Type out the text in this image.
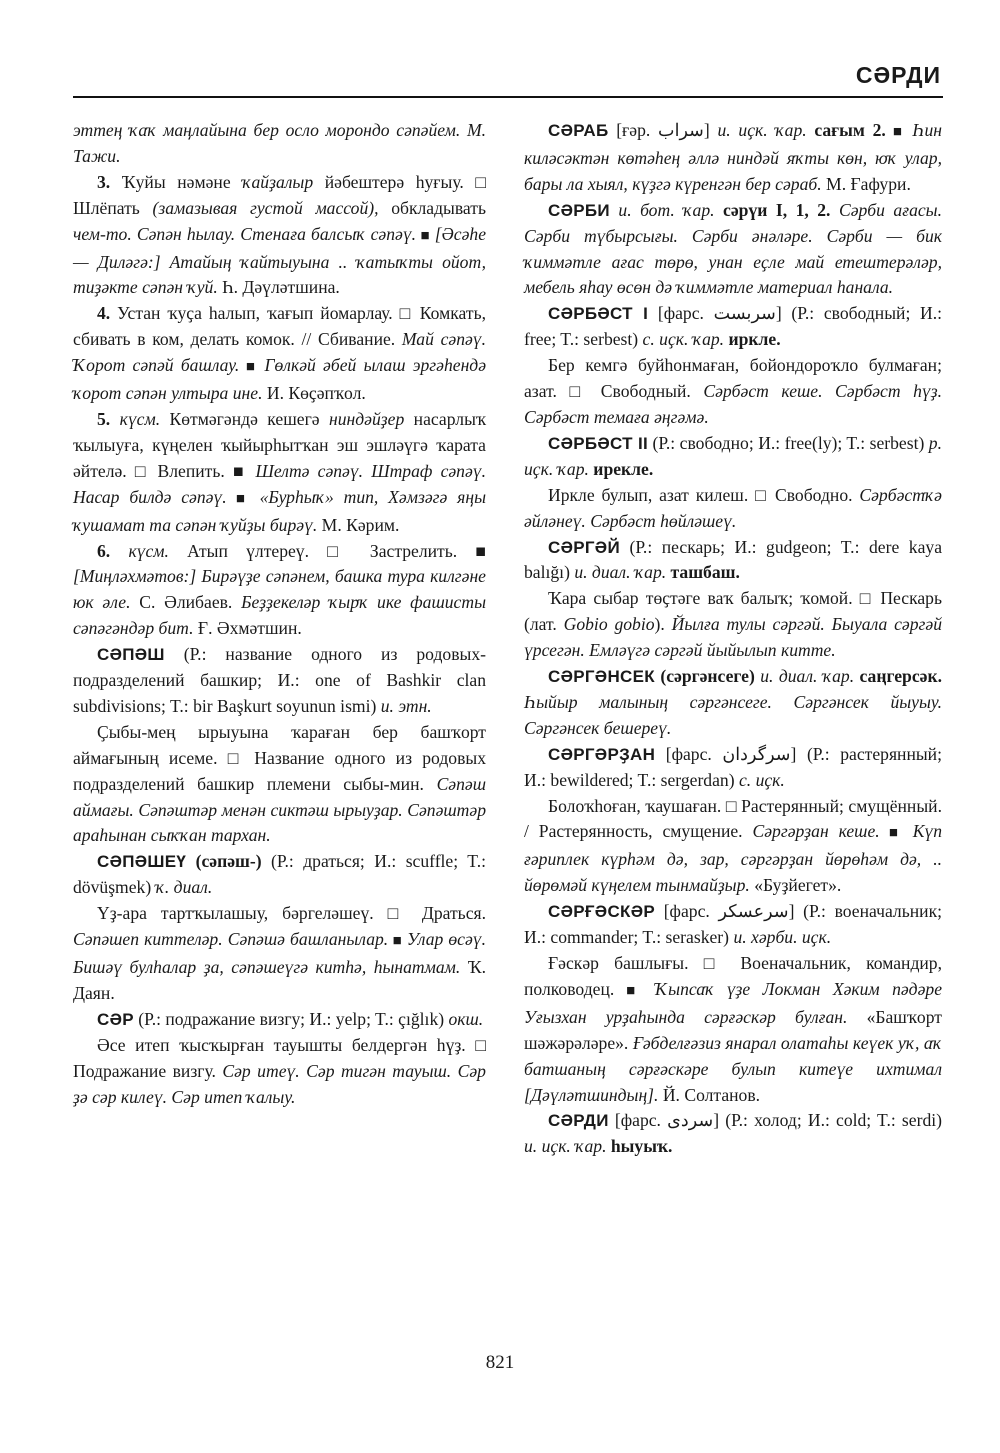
СӘРДИ

эттең ҡаҡ маңлайына бер осло морондо сәпәйем. М. Тажи.

3. Ҡуйы нәмәне ҡайҙалыр йәбештерә һуғыу. □ Шлёпать (замазывая густой массой), обкладывать чем-то. Сәпән һылау. Стенаға балсыҡ сәпәү. ■ [Әсәһе — Диләгә:] Атайың ҡайтыуына .. ҡатыҡты ойот, тиҙәкте сәпән ҡуй. Һ. Дәүләтшина.

4. Устан ҡуҫа һалып, ҡағып йомарлау. □ Комкать, сбивать в ком, делать комок. // Сбивание. Май сәпәү. Ҡорот сәпәй башлау. ■ Гөлкәй әбей ылаш эргәһендә ҡорот сәпән ултыра ине. И. Көҫәпҡол.

5. күсм. Көтмәгәндә кешегә ниндәйҙер насарлыҡ ҡылыуға, күңелен ҡыйырһытҡан эш эшләүгә ҡарата әйтелә. □ Влепить. ■ Шелтә сәпәү. Штраф сәпәү. Насар билдә сәпәү. ■ «Бурһыҡ» тип, Хәмзәгә яңы ҡушамат та сәпән ҡуйҙы бирәү. М. Кәрим.

6. күсм. Атып үлтереү. □ Застрелить. ■ [Миңләхмәтов:] Бирәүҙе сәпәнем, башка тура килгәне юк әле. С. Әлибаев. Беҙҙекеләр ҡырҡ ике фашисты сәпәгәндәр бит. Ғ. Әхмәтшин.

СӘПӘШ (Р.: название одного из родовых-подразделений башкир; И.: one of Bashkir clan subdivisions; T.: bir Başkurt soyunun ismi) и. этн.

Ҫыбы-мең ырыуына ҡараған бер башҡорт аймағының исеме. □ Название одного из родовых подразделений башкир племени сыбы-мин. Сәпәш аймағы. Сәпәштәр менән сиктәш ырыуҙар. Сәпәштәр араһынан сыҡҡан тархан.

СӘПӘШЕҮ (сәпәш-) (Р.: драться; И.: scuffle; T.: dövüşmek) ҡ. диал.

Үҙ-ара тартҡылашыу, бәргеләшеү. □ Драться. Сәпәшеп киттеләр. Сәпәшә башланылар. ■ Улар өсәү. Бишәү булһалар ҙа, сәпәшеүгә китһә, һынатмам. Ҡ. Даян.

СӘР (Р.: подражание визгу; И.: yelp; T.: çığlık) окш.

Әсе итеп ҡысҡырған тауышты белдергән һүҙ. □ Подражание визгу. Сәр итеү. Сәр тигән тауыш. Сәр ҙә сәр килеү. Сәр итеп ҡалыу.

СӘРАБ [ғәр. سراب] и. иҫк. ҡар. сағым 2. ■ Һин киләсәктән көтәһең әллә ниндәй яҡты көн, юҡ улар, бары ла хыял, күҙгә күренгән бер сәраб. М. Ғафури.

СӘРБИ и. бот. ҡар. сәрүи I, 1, 2. Сәрби ағасы. Сәрби түбырсығы. Сәрби әнәләре. Сәрби — бик ҡиммәтле ағас төрө, унан еҫле май етештерәләр, мебель яһау өсөн дә ҡиммәтле материал һанала.

СӘРБӘСТ I [фарс. سربست] (Р.: свободный; И.: free; T.: serbest) с. иҫк. ҡар. иркле.

Бер кемгә буйһонмаған, бойондороҡло булмаған; азат. □ Свободный. Сәрбәст кеше. Сәрбәст һүҙ. Сәрбәст темаға әңгәмә.

СӘРБӘСТ II (Р.: свободно; И.: free(ly); T.: serbest) р. иҫк. ҡар. ирекле.

Иркле булып, азат килеш. □ Свободно. Сәрбәстҡә әйләнеү. Сәрбәст һөйләшеү.

СӘРГӘЙ (Р.: пескарь; И.: gudgeon; T.: dere kaya balığı) и. диал. ҡар. ташбаш.

Ҡара сыбар төҫтәге ваҡ балыҡ; ҡомой. □ Пескарь (лат. Gobio gobio). Йылға тулы сәргәй. Быуала сәргәй үрсегән. Емләүгә сәргәй йыйылып китте.

СӘРГӘНСЕК (сәргәнсеге) и. диал. ҡар. саңгерсәк. Һыйыр малының сәргәнсеге. Сәргәнсек йыуыу. Сәргәнсек бешереү.

СӘРГӘРҘАН [фарс. سرگردان] (Р.: растерянный; И.: bewildered; T.: sergerdan) с. иҫк.

Болоҡһоған, ҡаушаған. □ Растерянный; смущённый. / Растерянность, смущение. Сәргәрҙан кеше. ■ Күп ғәриплек күрһәм дә, зар, сәргәрҙан йөрөһәм дә, .. йөрөмәй күңелем тынмайҙыр. «Буҙйегет».

СӘРҒӘСКӘР [фарс. سرعسكر] (Р.: военачальник; И.: commander; T.: serasker) и. хәрби. иҫк.

Ғәскәр башлығы. □ Военачальник, командир, полководец. ■ Ҡыпсаҡ үҙе Локман Хәким пәдәре Уғызхан урҙаһында сәрғәскәр булған. «Башҡорт шәжәрәләре». Ғәбделғәзиз янарал олатаһы кеүек уҡ, аҡ батшаның сәрғәскәре булып китеүе ихтимал [Дәүләтшиндың]. Й. Солтанов.

СӘРДИ [фарс. سردى] (Р.: холод; И.: cold; T.: serdi) и. иҫк. ҡар. һыуыҡ.

821
